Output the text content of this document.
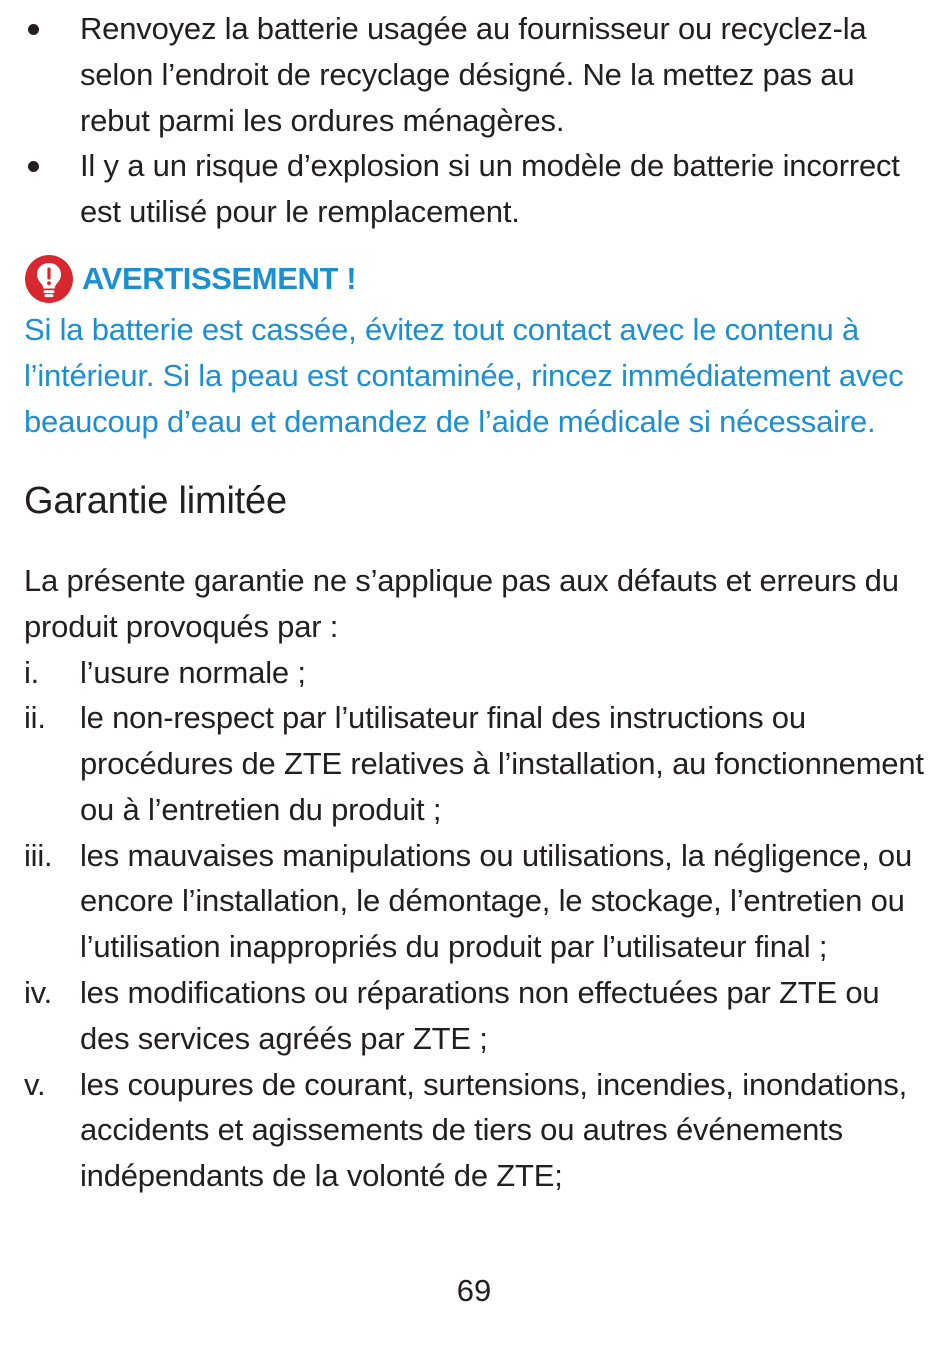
Renvoyez la batterie usagée au fournisseur ou recyclez-la selon l’endroit de recyclage désigné. Ne la mettez pas au rebut parmi les ordures ménagères.
Il y a un risque d’explosion si un modèle de batterie incorrect est utilisé pour le remplacement.
AVERTISSEMENT !
Si la batterie est cassée, évitez tout contact avec le contenu à l’intérieur. Si la peau est contaminée, rincez immédiatement avec beaucoup d’eau et demandez de l’aide médicale si nécessaire.
Garantie limitée
La présente garantie ne s’applique pas aux défauts et erreurs du produit provoqués par :
i. l’usure normale ;
ii. le non-respect par l’utilisateur final des instructions ou procédures de ZTE relatives à l’installation, au fonctionnement ou à l’entretien du produit ;
iii. les mauvaises manipulations ou utilisations, la négligence, ou encore l’installation, le démontage, le stockage, l’entretien ou l’utilisation inappropriés du produit par l’utilisateur final ;
iv. les modifications ou réparations non effectuées par ZTE ou des services agréés par ZTE ;
v. les coupures de courant, surtensions, incendies, inondations, accidents et agissements de tiers ou autres événements indépendants de la volonté de ZTE;
69
